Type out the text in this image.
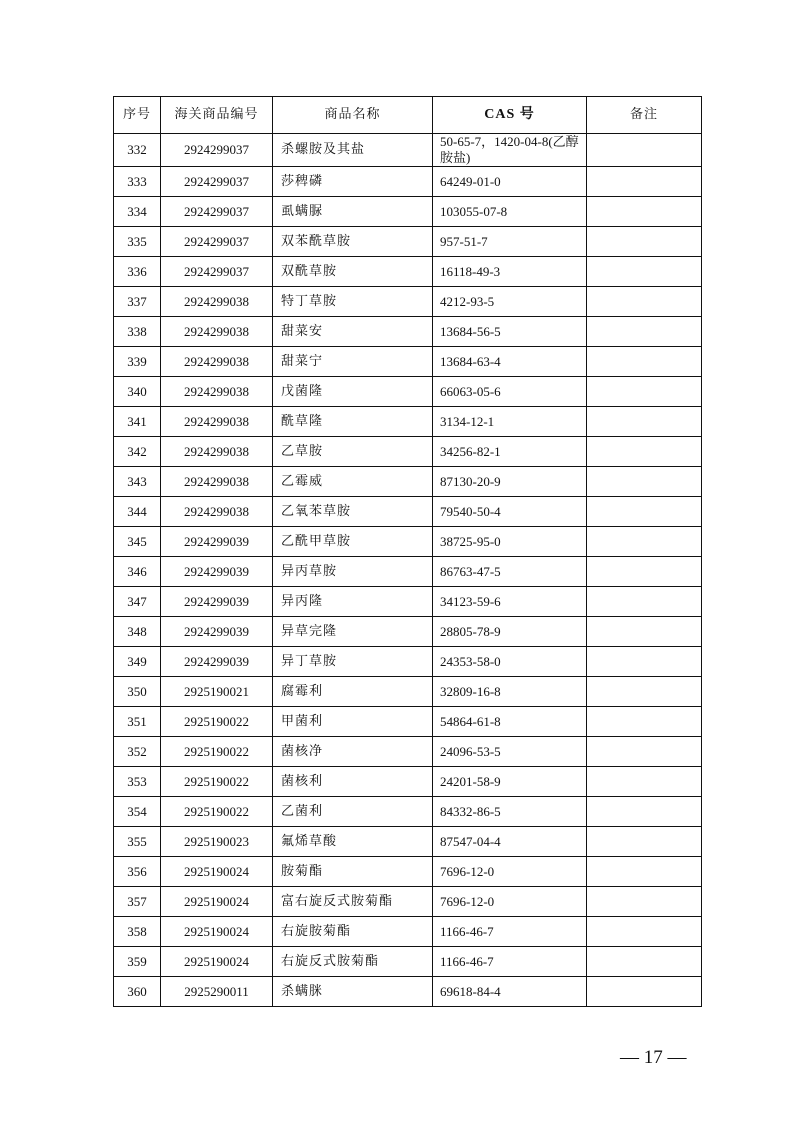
序号	海关商品编号	商品名称	CAS 号	备注
332	2924299037	杀螺胺及其盐	50-65-7，1420-04-8(乙醇胺盐)	
333	2924299037	莎稗磷	64249-01-0	
334	2924299037	虱螨脲	103055-07-8	
335	2924299037	双苯酰草胺	957-51-7	
336	2924299037	双酰草胺	16118-49-3	
337	2924299038	特丁草胺	4212-93-5	
338	2924299038	甜菜安	13684-56-5	
339	2924299038	甜菜宁	13684-63-4	
340	2924299038	戊菌隆	66063-05-6	
341	2924299038	酰草隆	3134-12-1	
342	2924299038	乙草胺	34256-82-1	
343	2924299038	乙霉威	87130-20-9	
344	2924299038	乙氧苯草胺	79540-50-4	
345	2924299039	乙酰甲草胺	38725-95-0	
346	2924299039	异丙草胺	86763-47-5	
347	2924299039	异丙隆	34123-59-6	
348	2924299039	异草完隆	28805-78-9	
349	2924299039	异丁草胺	24353-58-0	
350	2925190021	腐霉利	32809-16-8	
351	2925190022	甲菌利	54864-61-8	
352	2925190022	菌核净	24096-53-5	
353	2925190022	菌核利	24201-58-9	
354	2925190022	乙菌利	84332-86-5	
355	2925190023	氟烯草酸	87547-04-4	
356	2925190024	胺菊酯	7696-12-0	
357	2925190024	富右旋反式胺菊酯	7696-12-0	
358	2925190024	右旋胺菊酯	1166-46-7	
359	2925190024	右旋反式胺菊酯	1166-46-7	
360	2925290011	杀螨脒	69618-84-4	
— 17 —
